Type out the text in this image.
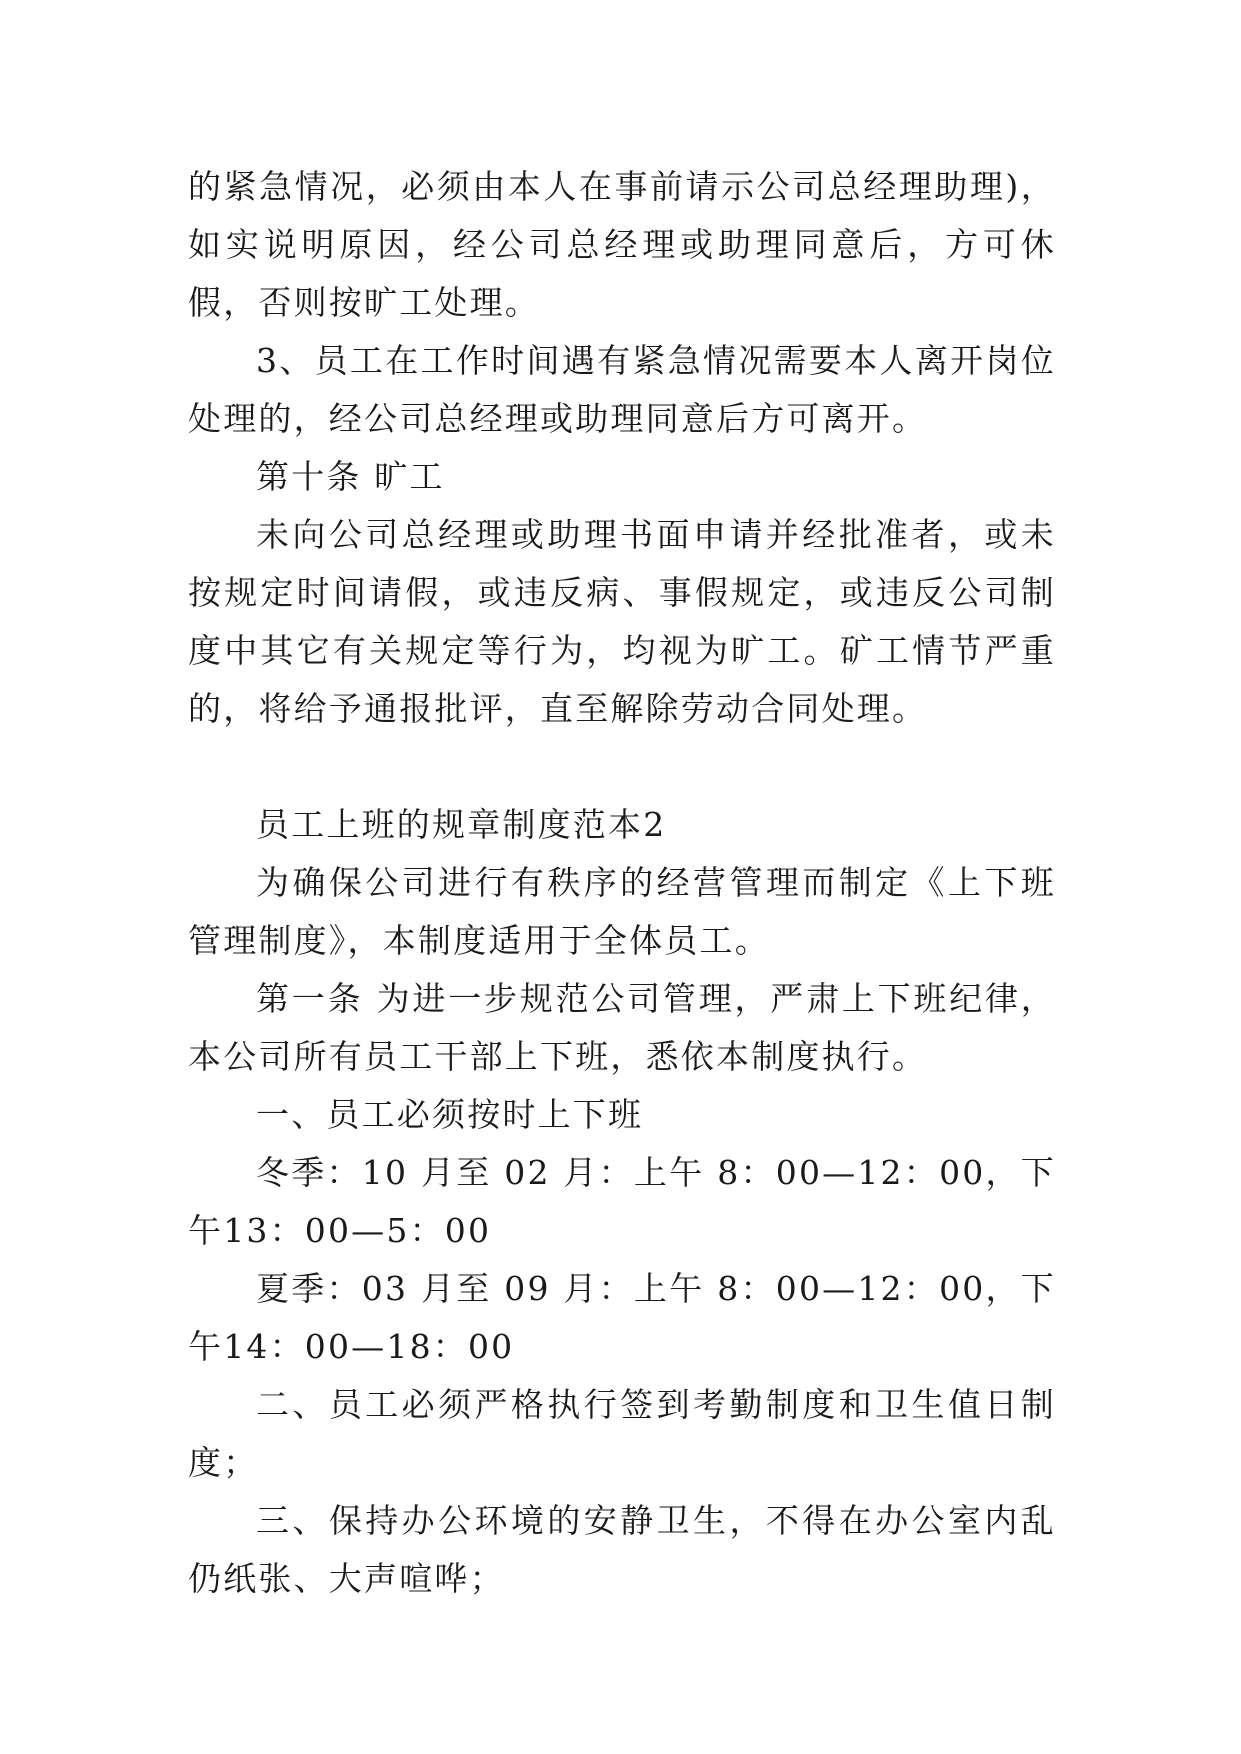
的紧急情况，必须由本人在事前请示公司总经理助理)，如实说明原因，经公司总经理或助理同意后，方可休假，否则按旷工处理。

3、员工在工作时间遇有紧急情况需要本人离开岗位处理的，经公司总经理或助理同意后方可离开。

第十条 旷工

未向公司总经理或助理书面申请并经批准者，或未按规定时间请假，或违反病、事假规定，或违反公司制度中其它有关规定等行为，均视为旷工。矿工情节严重的，将给予通报批评，直至解除劳动合同处理。

员工上班的规章制度范本2

为确保公司进行有秩序的经营管理而制定《上下班管理制度》，本制度适用于全体员工。

第一条 为进一步规范公司管理，严肃上下班纪律，本公司所有员工干部上下班，悉依本制度执行。

一、员工必须按时上下班

冬季：10 月至 02 月：上午 8：00—12：00，下午13：00—5：00

夏季：03 月至 09 月：上午 8：00—12：00，下午14：00—18：00

二、员工必须严格执行签到考勤制度和卫生值日制度；

三、保持办公环境的安静卫生，不得在办公室内乱仍纸张、大声喧哗；
